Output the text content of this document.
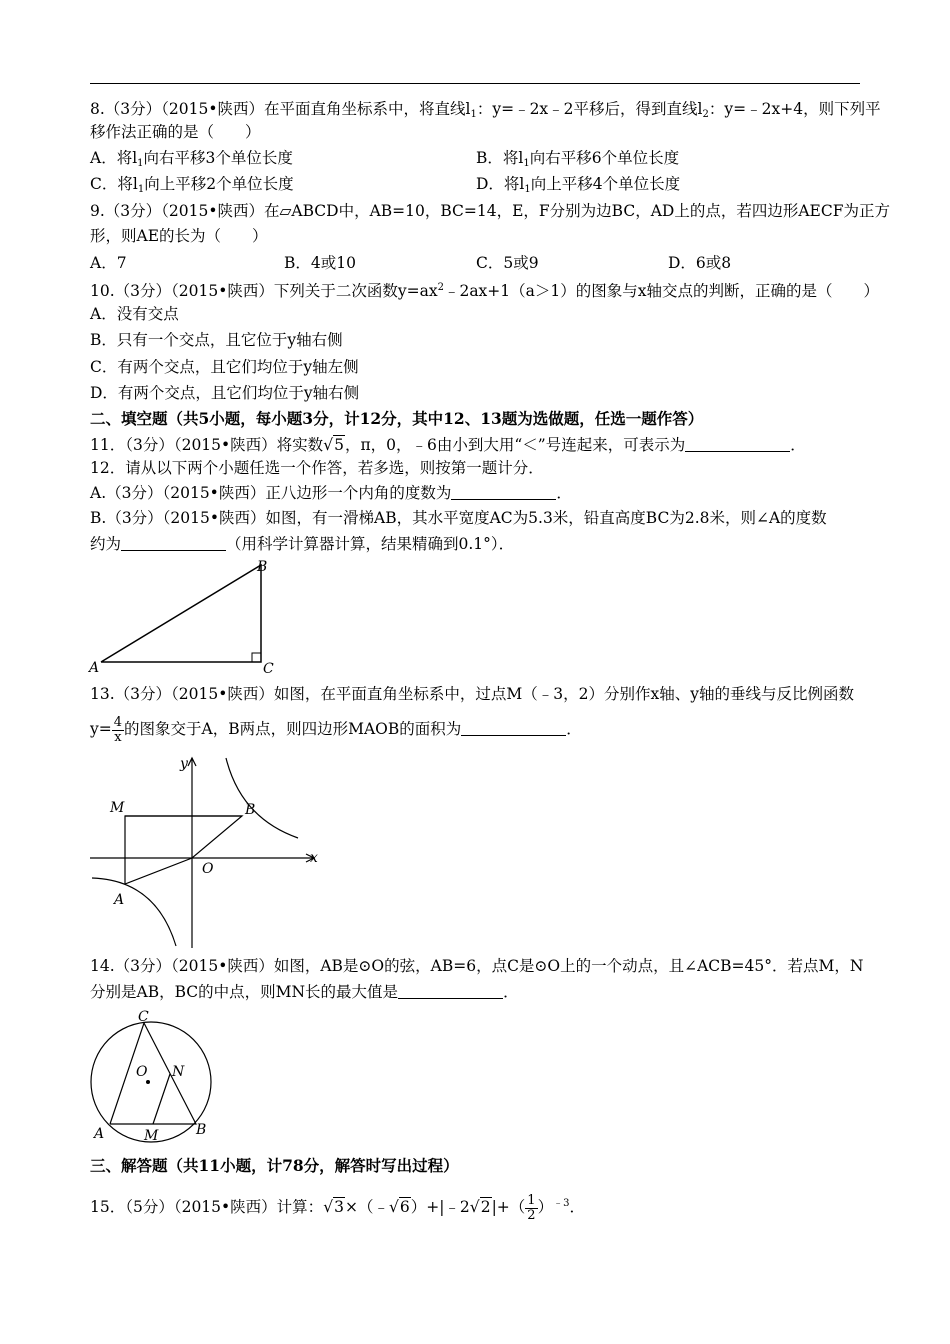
8.（3分）（2015•陕西）在平面直角坐标系中，将直线$l_1$：y=﹣2x﹣2平移后，得到直线$l_2$：y=﹣2x+4，则下列平
移作法正确的是（　　）
A．将$l_1$向右平移3个单位长度	B．将$l_1$向右平移6个单位长度
C．将$l_1$向上平移2个单位长度	D．将$l_1$向上平移4个单位长度
9.（3分）（2015•陕西）在▱ABCD中，AB=10，BC=14，E，F分别为边BC，AD上的点，若四边形AECF为正方
形，则AE的长为（　　）
A．7	B．4或10	C．5或9	D．6或8
10.（3分）（2015•陕西）下列关于二次函数$y=ax^2﹣2ax+1(a>1)$的图象与x轴交点的判断，正确的是（　　）
A．没有交点
B．只有一个交点，且它位于y轴右侧
C．有两个交点，且它们均位于y轴左侧
D．有两个交点，且它们均位于y轴右侧
二、填空题（共5小题，每小题3分，计12分，其中12、13题为选做题，任选一题作答）
11．（3分）（2015•陕西）将实数√5，π，0，﹣6由小到大用“＜”号连起来，可表示为	．
12．请从以下两个小题任选一个作答，若多选，则按第一题计分．
A.（3分）（2015•陕西）正八边形一个内角的度数为	．
B.（3分）（2015•陕西）如图，有一滑梯AB，其水平宽度AC为5.3米，铅直高度BC为2.8米，则∠A的度数
约为	（用科学计算器计算，结果精确到0.1°）．
A
B
C
13.（3分）（2015•陕西）如图，在平面直角坐标系中，过点M（﹣3，2）分别作x轴、y轴的垂线与反比例函数
$y= \frac{4}{x}$ 的图象交于A，B两点，则四边形MAOB的面积为	．
y
x
M	B
O
A
14.（3分）（2015•陕西）如图，AB是⊙O的弦，AB=6，点C是⊙O上的一个动点，且∠ACB=45°．若点M，N
分别是AB，BC的中点，则MN长的最大值是	．
C
O N
A	M	B
三、解答题（共11小题，计78分，解答时写出过程）
15．（5分）（2015•陕西）计算：√3×（﹣√6）+|﹣2√2|+（ $\frac{1}{2} )^{﹣3}$．
